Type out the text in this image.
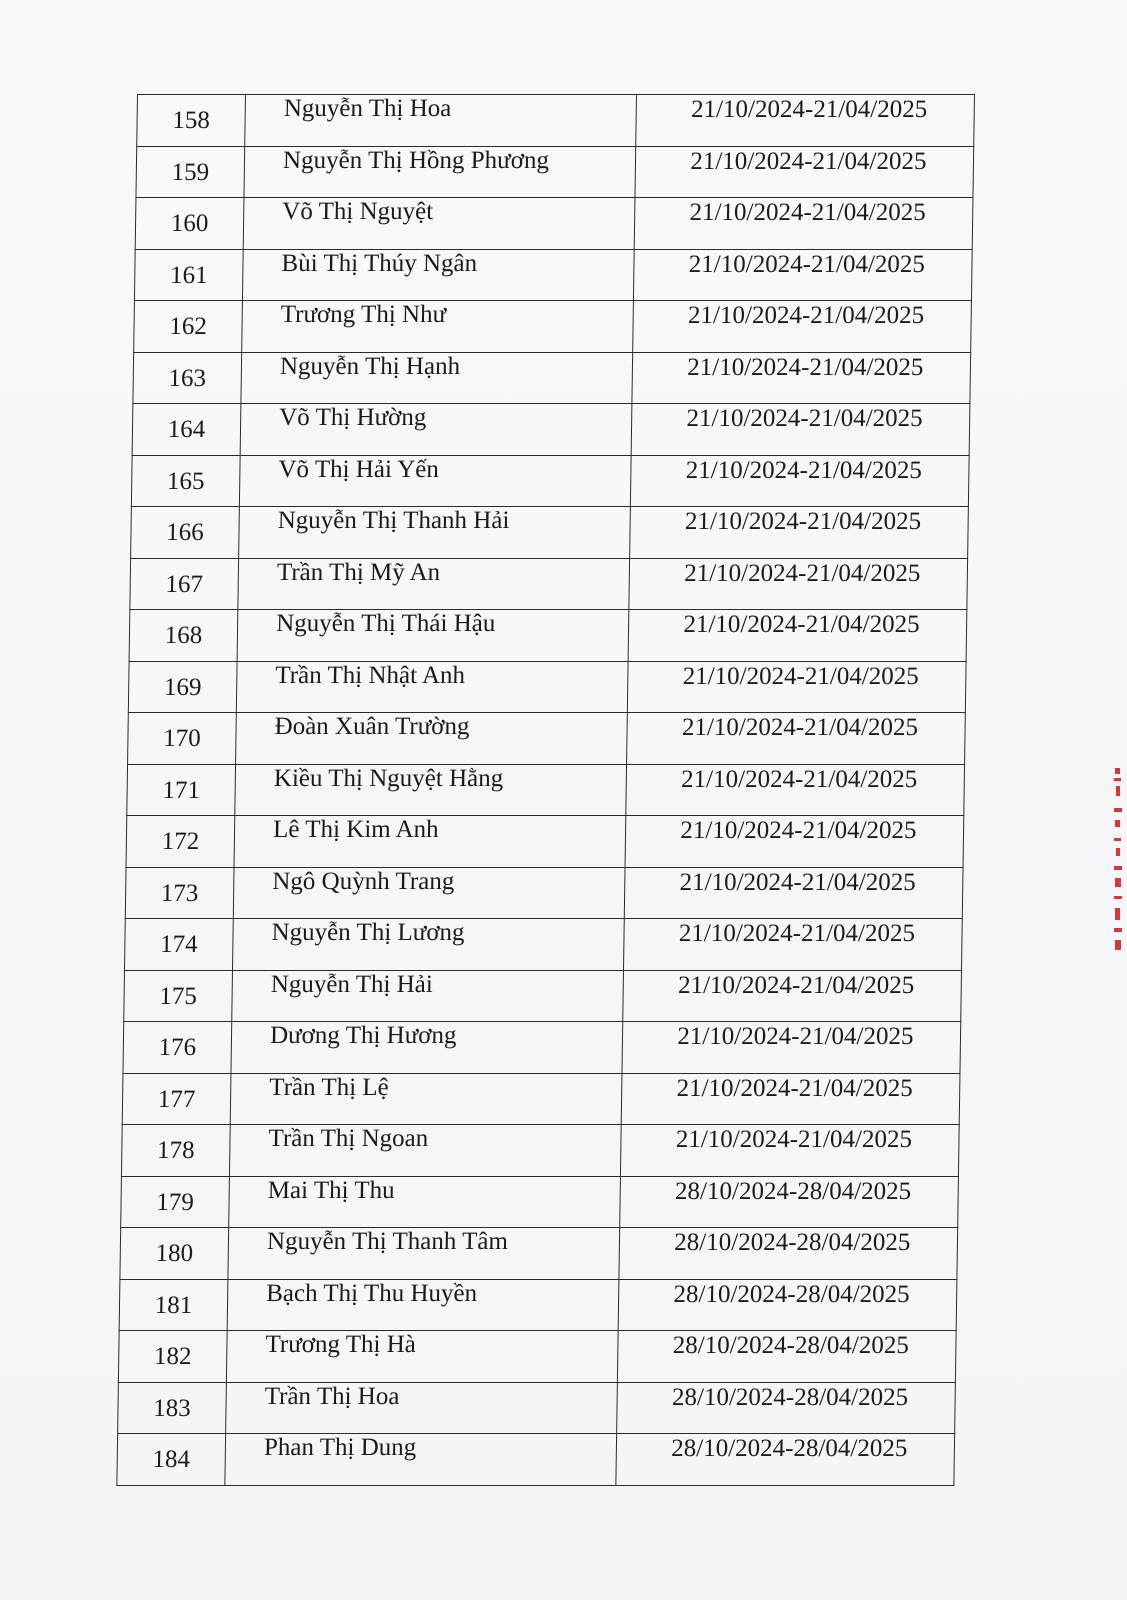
158	Nguyễn Thị Hoa	21/10/2024-21/04/2025

159	Nguyễn Thị Hồng Phương	21/10/2024-21/04/2025

160	Võ Thị Nguyệt	21/10/2024-21/04/2025

161	Bùi Thị Thúy Ngân	21/10/2024-21/04/2025

162	Trương Thị Như	21/10/2024-21/04/2025

163	Nguyễn Thị Hạnh	21/10/2024-21/04/2025

164	Võ Thị Hường	21/10/2024-21/04/2025

165	Võ Thị Hải Yến	21/10/2024-21/04/2025

166	Nguyễn Thị Thanh Hải	21/10/2024-21/04/2025

167	Trần Thị Mỹ An	21/10/2024-21/04/2025

168	Nguyễn Thị Thái Hậu	21/10/2024-21/04/2025

169	Trần Thị Nhật Anh	21/10/2024-21/04/2025

170	Đoàn Xuân Trường	21/10/2024-21/04/2025

171	Kiều Thị Nguyệt Hằng	21/10/2024-21/04/2025

172	Lê Thị Kim Anh	21/10/2024-21/04/2025

173	Ngô Quỳnh Trang	21/10/2024-21/04/2025

174	Nguyễn Thị Lương	21/10/2024-21/04/2025

175	Nguyễn Thị Hải	21/10/2024-21/04/2025

176	Dương Thị Hương	21/10/2024-21/04/2025

177	Trần Thị Lệ	21/10/2024-21/04/2025

178	Trần Thị Ngoan	21/10/2024-21/04/2025

179	Mai Thị Thu	28/10/2024-28/04/2025

180	Nguyễn Thị Thanh Tâm	28/10/2024-28/04/2025

181	Bạch Thị Thu Huyền	28/10/2024-28/04/2025

182	Trương Thị Hà	28/10/2024-28/04/2025

183	Trần Thị Hoa	28/10/2024-28/04/2025

184	Phan Thị Dung	28/10/2024-28/04/2025
